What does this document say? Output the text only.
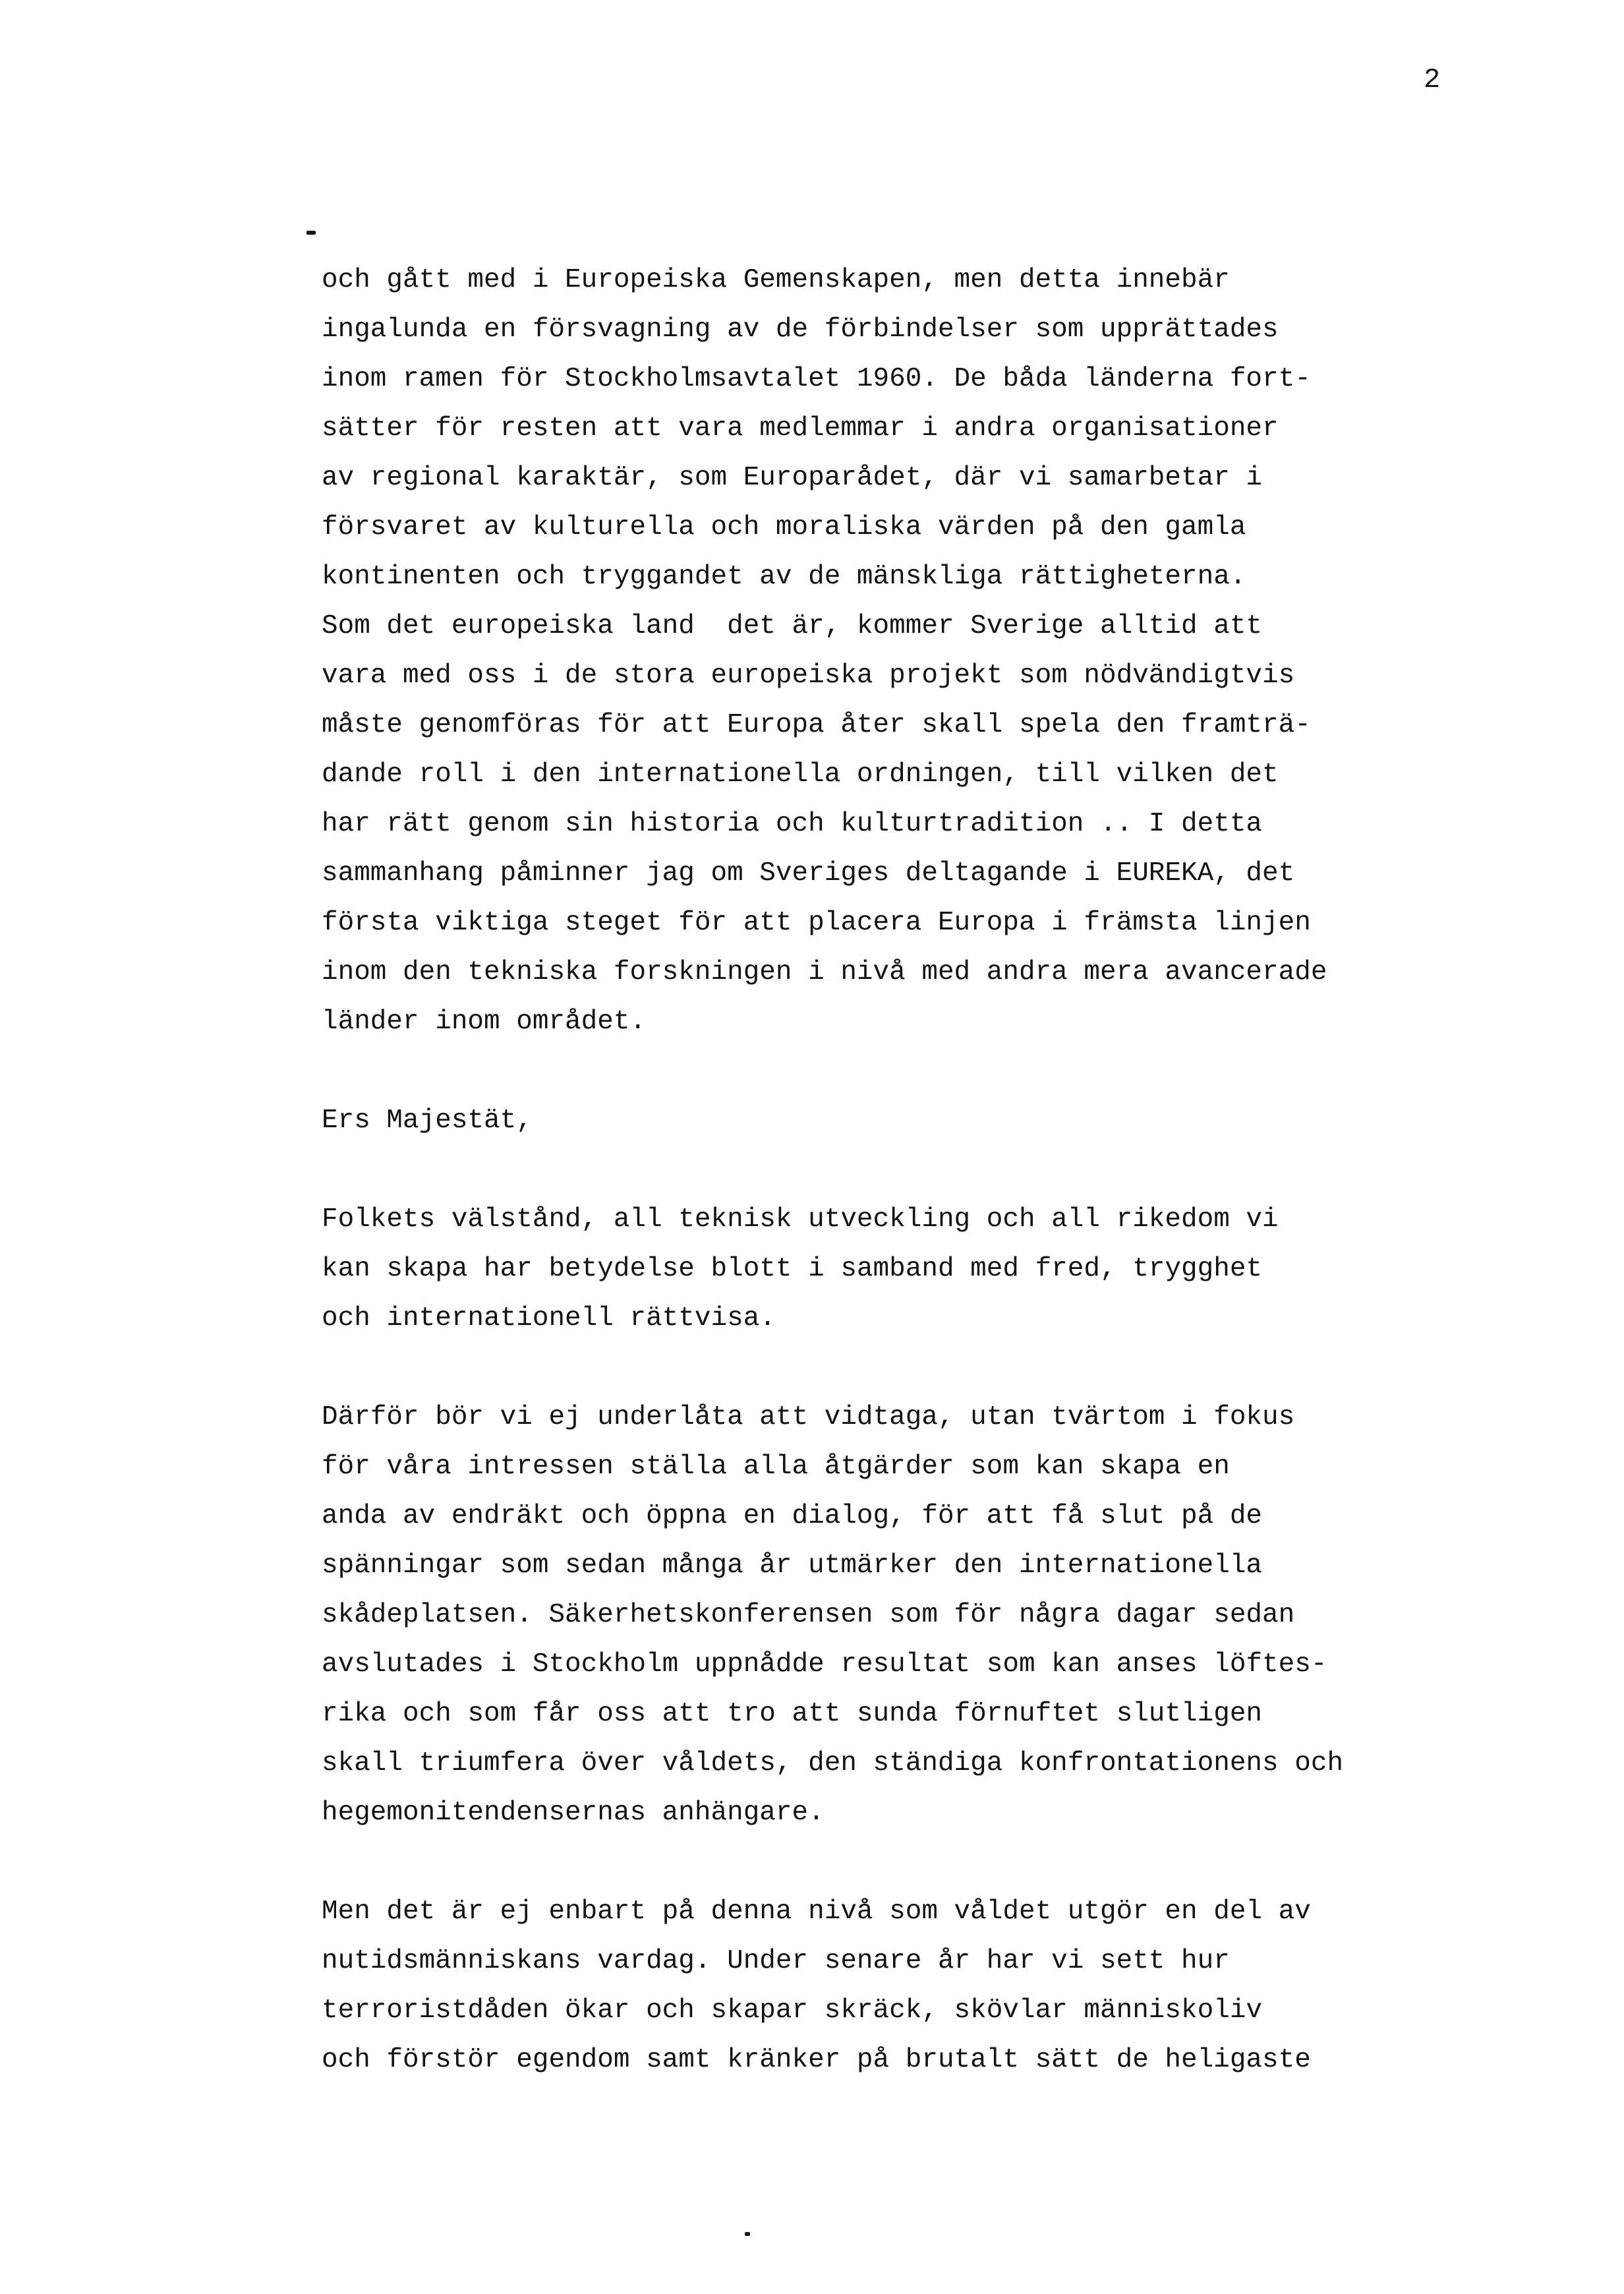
2
och gått med i Europeiska Gemenskapen, men detta innebär
ingalunda en försvagning av de förbindelser som upprättades
inom ramen för Stockholmsavtalet 1960. De båda länderna fort-
sätter för resten att vara medlemmar i andra organisationer
av regional karaktär, som Europarådet, där vi samarbetar i
försvaret av kulturella och moraliska värden på den gamla
kontinenten och tryggandet av de mänskliga rättigheterna.
Som det europeiska land  det är, kommer Sverige alltid att
vara med oss i de stora europeiska projekt som nödvändigtvis
måste genomföras för att Europa åter skall spela den framträ-
dande roll i den internationella ordningen, till vilken det
har rätt genom sin historia och kulturtradition .. I detta
sammanhang påminner jag om Sveriges deltagande i EUREKA, det
första viktiga steget för att placera Europa i främsta linjen
inom den tekniska forskningen i nivå med andra mera avancerade
länder inom området.
Ers Majestät,
Folkets välstånd, all teknisk utveckling och all rikedom vi
kan skapa har betydelse blott i samband med fred, trygghet
och internationell rättvisa.
Därför bör vi ej underlåta att vidtaga, utan tvärtom i fokus
för våra intressen ställa alla åtgärder som kan skapa en
anda av endräkt och öppna en dialog, för att få slut på de
spänningar som sedan många år utmärker den internationella
skådeplatsen. Säkerhetskonferensen som för några dagar sedan
avslutades i Stockholm uppnådde resultat som kan anses löftes-
rika och som får oss att tro att sunda förnuftet slutligen
skall triumfera över våldets, den ständiga konfrontationens och
hegemonitendensernas anhängare.
Men det är ej enbart på denna nivå som våldet utgör en del av
nutidsmänniskans vardag. Under senare år har vi sett hur
terroristdåden ökar och skapar skräck, skövlar människoliv
och förstör egendom samt kränker på brutalt sätt de heligaste
